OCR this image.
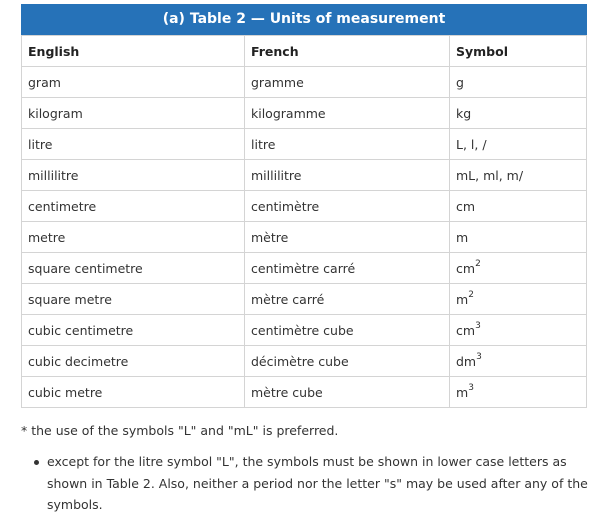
(a) Table 2 — Units of measurement
English	French	Symbol
gram	gramme	g
kilogram	kilogramme	kg
litre	litre	L, l, /
millilitre	millilitre	mL, ml, m/
centimetre	centimètre	cm
metre	mètre	m
square centimetre	centimètre carré	$cm^2$
square metre	mètre carré	$m^2$
cubic centimetre	centimètre cube	$cm^3$
cubic decimetre	décimètre cube	$dm^3$
cubic metre	mètre cube	$m^3$
* the use of the symbols "L" and "mL" is preferred.
except for the litre symbol "L", the symbols must be shown in lower case letters as shown in Table 2. Also, neither a period nor the letter "s" may be used after any of the symbols.
